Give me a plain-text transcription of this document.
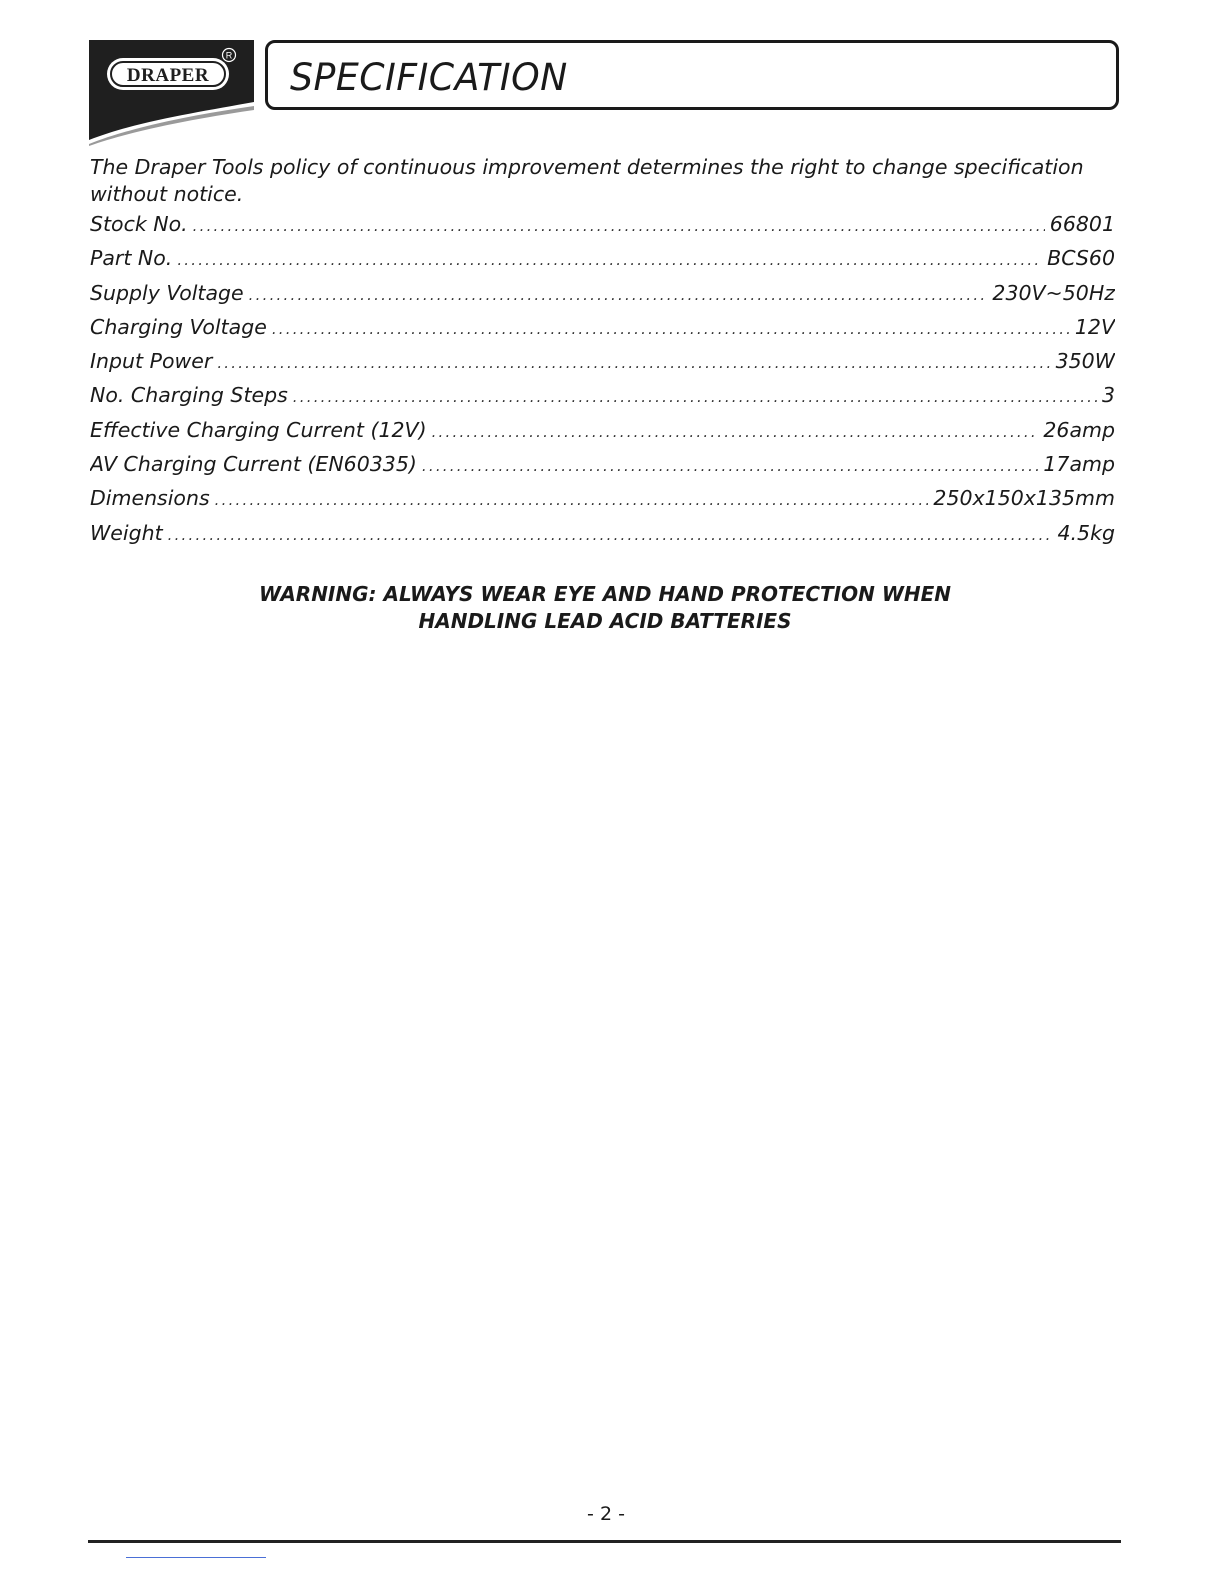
DRAPER
R
SPECIFICATION

The Draper Tools policy of continuous improvement determines the right to change specification without notice.

Stock No. .....	66801
Part No. .....	BCS60
Supply Voltage .....	230V~50Hz
Charging Voltage .....	12V
Input Power .....	350W
No. Charging Steps .....	3
Effective Charging Current (12V) .....	26amp
AV Charging Current (EN60335) .....	17amp
Dimensions .....	250x150x135mm
Weight .....	4.5kg

WARNING: ALWAYS WEAR EYE AND HAND PROTECTION WHEN
HANDLING LEAD ACID BATTERIES

- 2 -
